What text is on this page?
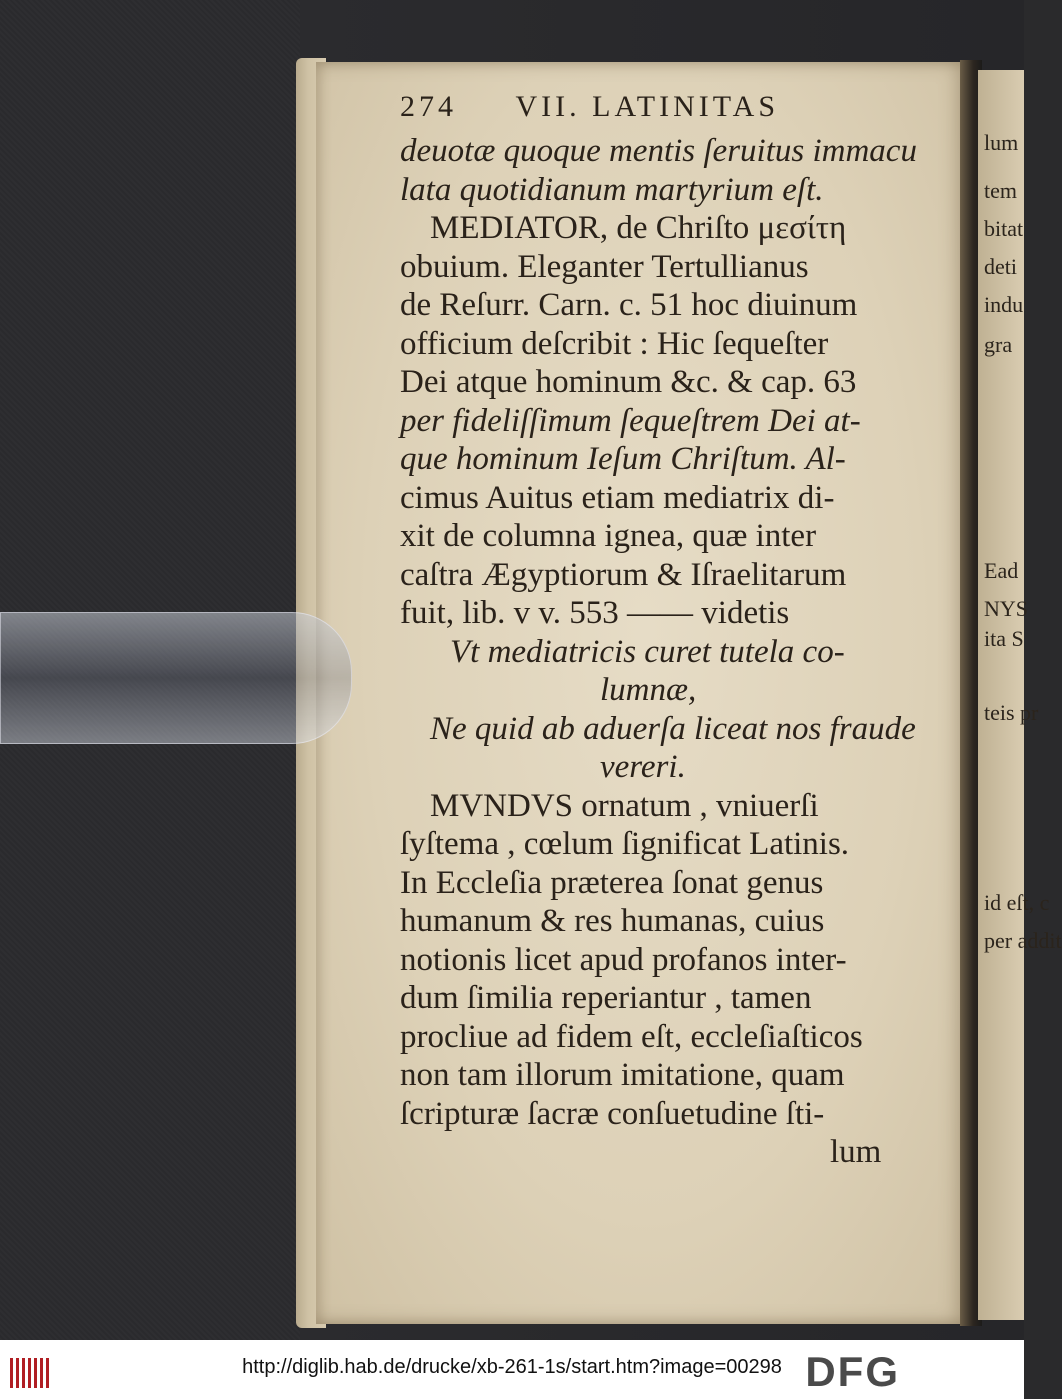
lum
tem
bitat
deti
indu
gra
Ead
NYS
ita S
teis pr
id eſt, c
per addit
274 VII. LATINITAS
deuotæ quoque mentis ſeruitus immacu
lata quotidianum martyrium eſt.
MEDIATOR, de Chriſto μεσίτη
obuium. Eleganter Tertullianus
de Reſurr. Carn. c. 51 hoc diuinum
officium deſcribit : Hic ſequeſter
Dei atque hominum &c. & cap. 63
per fideliſſimum ſequeſtrem Dei at-
que hominum Ieſum Chriſtum. Al-
cimus Auitus etiam mediatrix di-
xit de columna ignea, quæ inter
caſtra Ægyptiorum & Iſraelitarum
fuit, lib. v v. 553 —— videtis
Vt mediatricis curet tutela co-
lumnæ,
Ne quid ab aduerſa liceat nos fraude
vereri.
MVNDVS ornatum , vniuerſi
ſyſtema , cœlum ſignificat Latinis.
In Eccleſia præterea ſonat genus
humanum & res humanas, cuius
notionis licet apud profanos inter-
dum ſimilia reperiantur , tamen
procliue ad fidem eſt, eccleſiaſticos
non tam illorum imitatione, quam
ſcripturæ ſacræ conſuetudine ſti-
lum
http://diglib.hab.de/drucke/xb-261-1s/start.htm?image=00298 DFG
